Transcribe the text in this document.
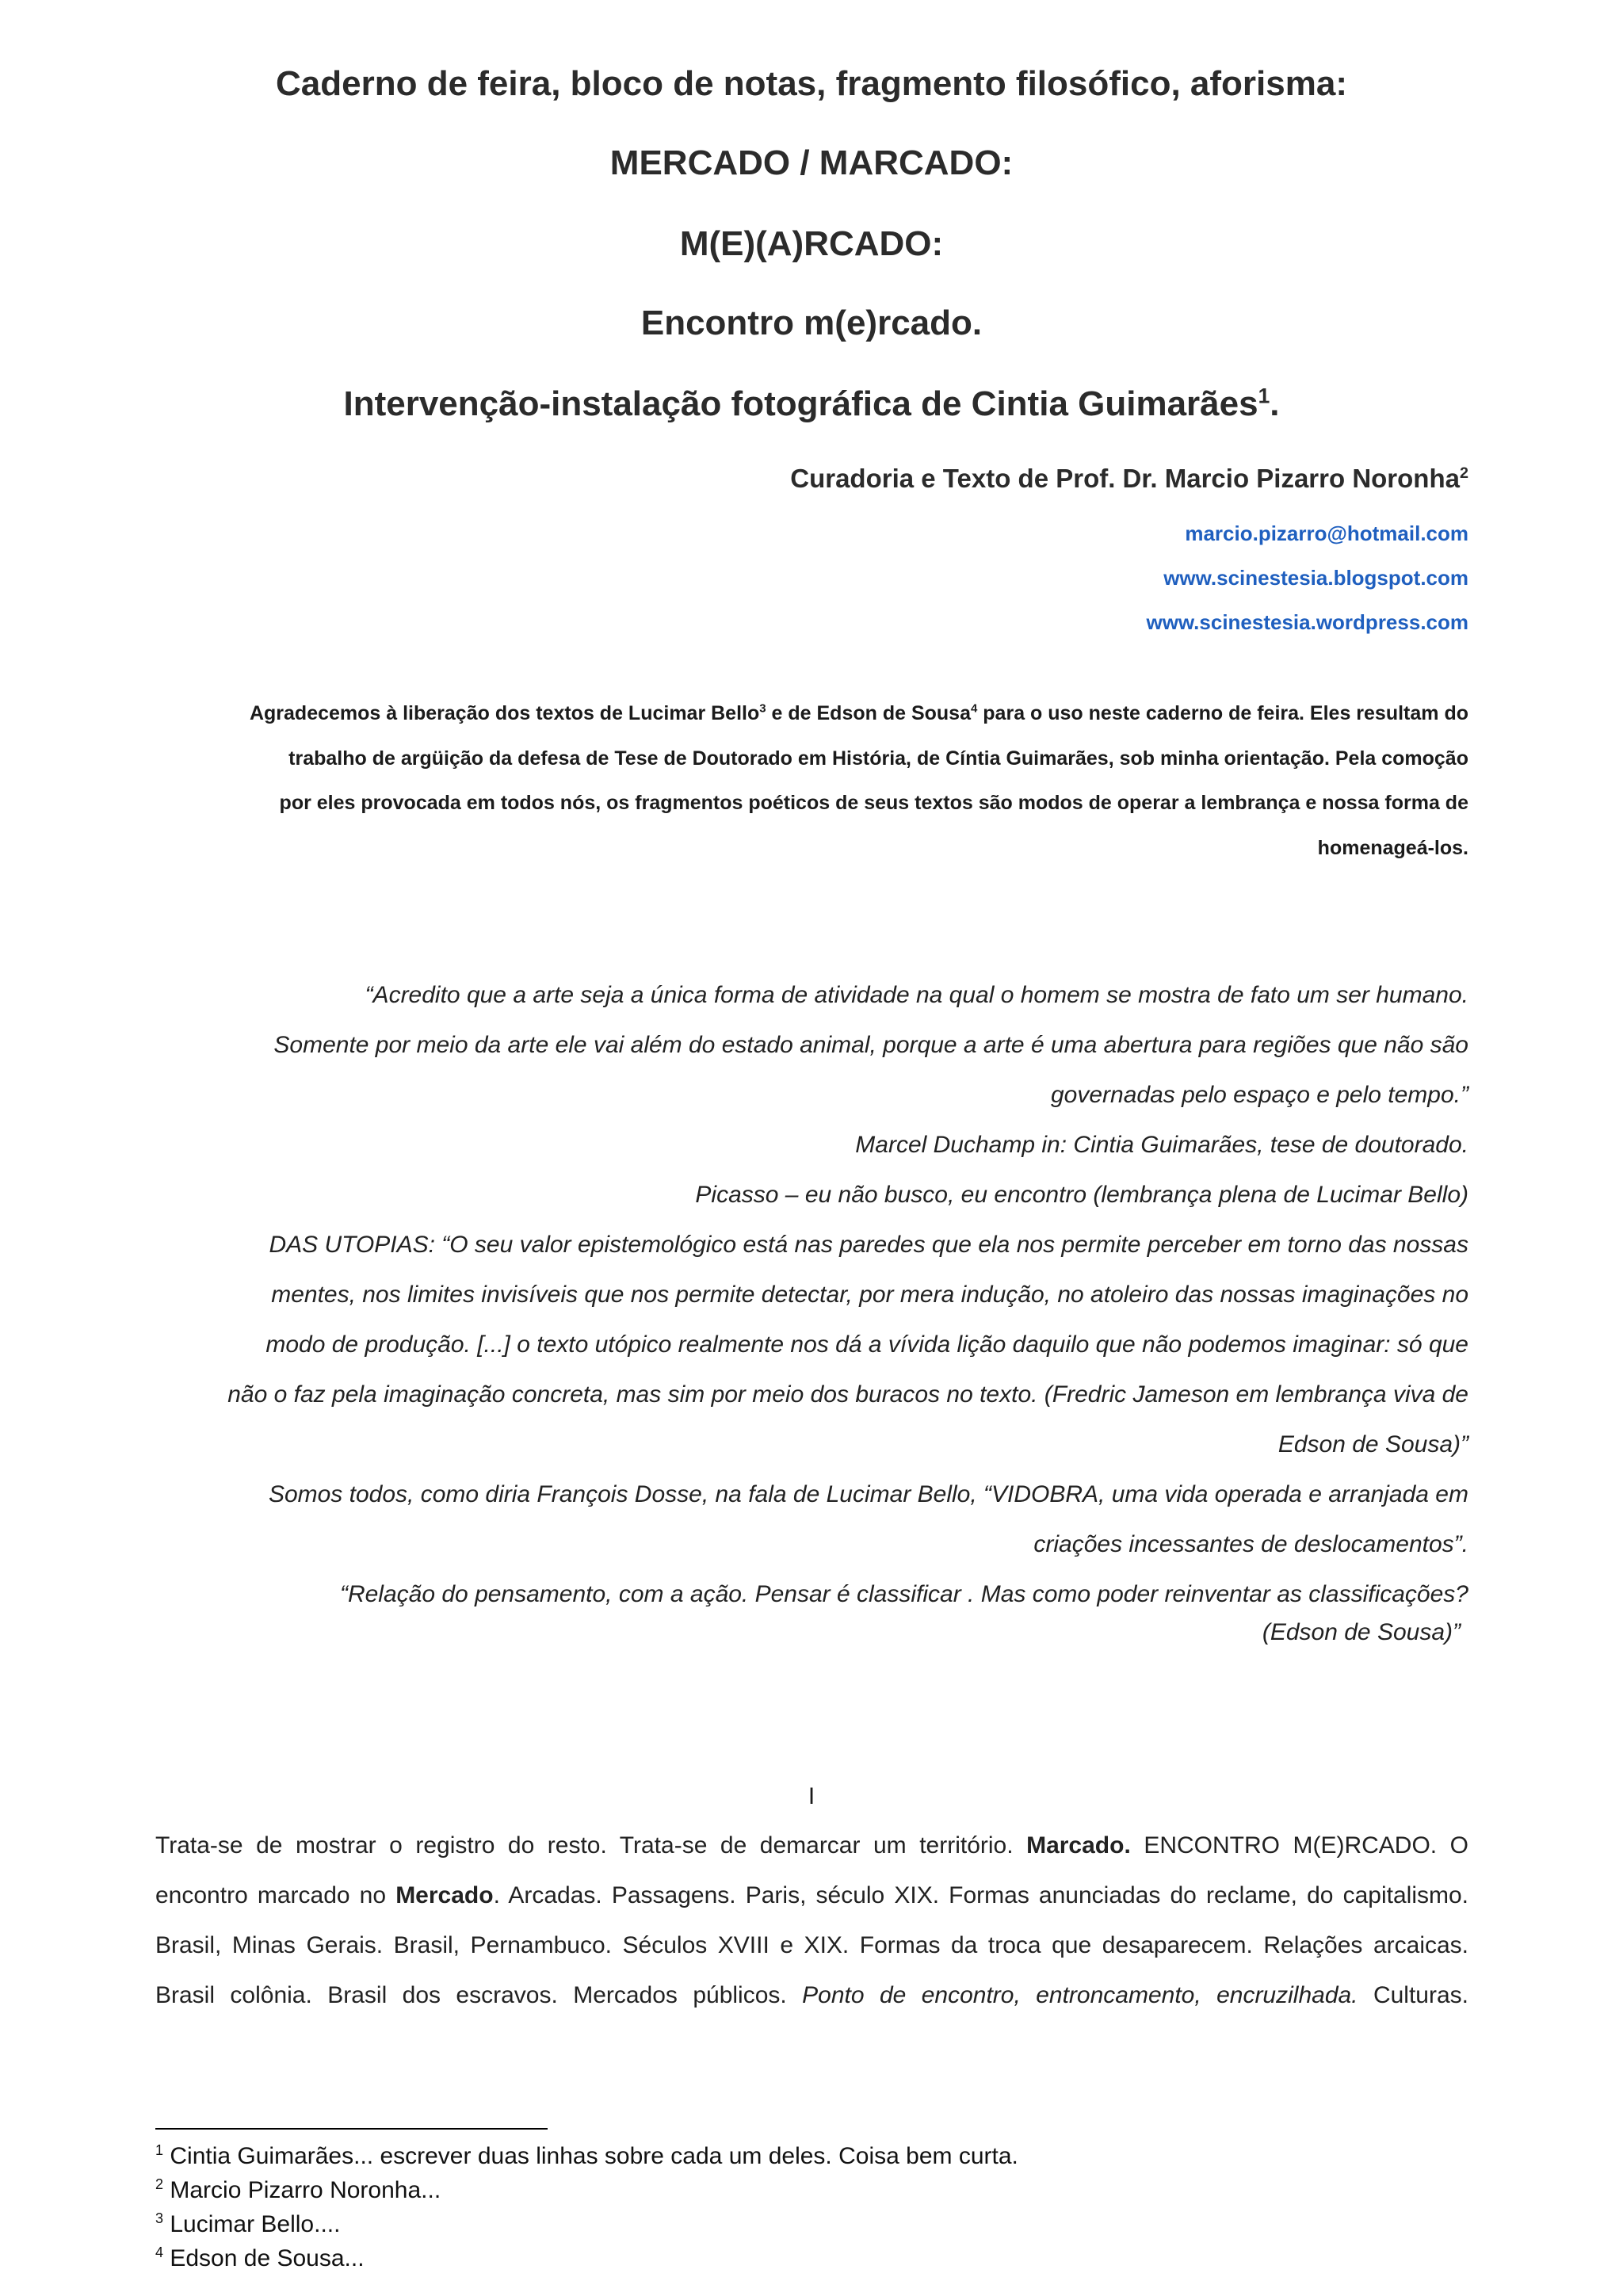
Caderno de feira, bloco de notas, fragmento filosófico, aforisma:
MERCADO / MARCADO:
M(E)(A)RCADO:
Encontro m(e)rcado.
Intervenção-instalação fotográfica de Cintia Guimarães$^1$.
Curadoria e Texto de Prof. Dr. Marcio Pizarro Noronha$^2$
marcio.pizarro@hotmail.com
www.scinestesia.blogspot.com
www.scinestesia.wordpress.com
Agradecemos à liberação dos textos de Lucimar Bello$^3$ e de Edson de Sousa$^4$ para o uso neste caderno de feira. Eles resultam do
trabalho de argüição da defesa de Tese de Doutorado em História, de Cíntia Guimarães, sob minha orientação. Pela comoção
por eles provocada em todos nós, os fragmentos poéticos de seus textos são modos de operar a lembrança e nossa forma de
homenageá-los.
“Acredito que a arte seja a única forma de atividade na qual o homem se mostra de fato um ser humano.
Somente por meio da arte ele vai além do estado animal, porque a arte é uma abertura para regiões que não são
governadas pelo espaço e pelo tempo.”
Marcel Duchamp in: Cintia Guimarães, tese de doutorado.
Picasso – eu não busco, eu encontro (lembrança plena de Lucimar Bello)
DAS UTOPIAS: “O seu valor epistemológico está nas paredes que ela nos permite perceber em torno das nossas
mentes, nos limites invisíveis que nos permite detectar, por mera indução, no atoleiro das nossas imaginações no
modo de produção. [...] o texto utópico realmente nos dá a vívida lição daquilo que não podemos imaginar: só que
não o faz pela imaginação concreta, mas sim por meio dos buracos no texto. (Fredric Jameson em lembrança viva de
Edson de Sousa)”
Somos todos, como diria François Dosse, na fala de Lucimar Bello, “VIDOBRA, uma vida operada e arranjada em
criações incessantes de deslocamentos”.
“Relação do pensamento, com a ação. Pensar é classificar . Mas como poder reinventar as classificações?
(Edson de Sousa)”
I

Trata-se de mostrar o registro do resto. Trata-se de demarcar um território. Marcado. ENCONTRO M(E)RCADO. O

encontro marcado no Mercado. Arcadas. Passagens. Paris, século XIX. Formas anunciadas do reclame, do capitalismo.

Brasil, Minas Gerais. Brasil, Pernambuco. Séculos XVIII e XIX. Formas da troca que desaparecem. Relações arcaicas.

Brasil colônia. Brasil dos escravos. Mercados públicos. Ponto de encontro, entroncamento, encruzilhada. Culturas.

$^1$ Cintia Guimarães... escrever duas linhas sobre cada um deles. Coisa bem curta.
$^2$ Marcio Pizarro Noronha...
$^3$ Lucimar Bello....
$^4$ Edson de Sousa...
